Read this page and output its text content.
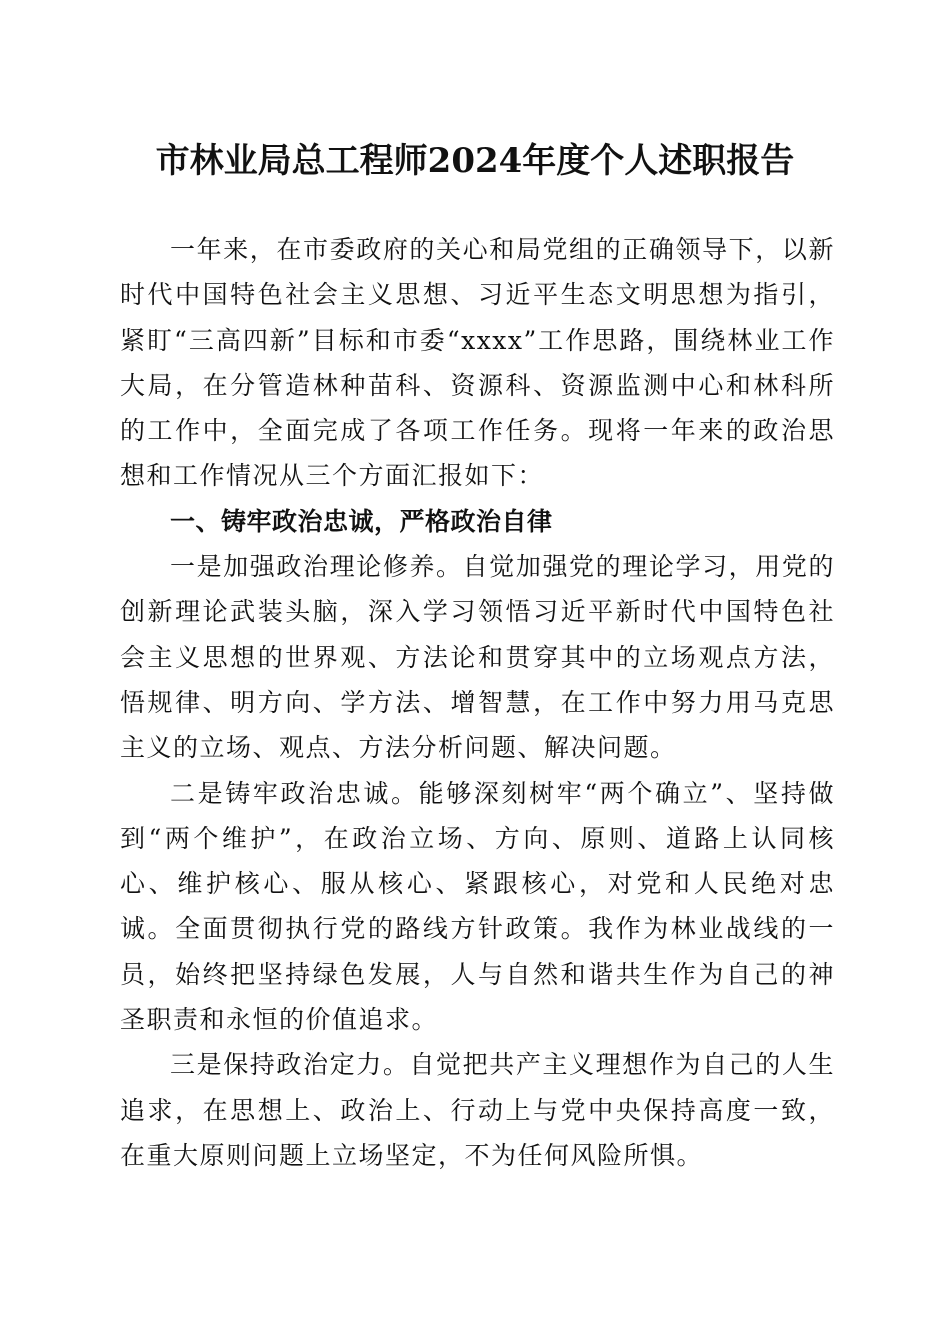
市林业局总工程师2024年度个人述职报告

一年来，在市委政府的关心和局党组的正确领导下，以新时代中国特色社会主义思想、习近平生态文明思想为指引，紧盯“三高四新”目标和市委“xxxx”工作思路，围绕林业工作大局，在分管造林种苗科、资源科、资源监测中心和林科所的工作中，全面完成了各项工作任务。现将一年来的政治思想和工作情况从三个方面汇报如下：

一、铸牢政治忠诚，严格政治自律

一是加强政治理论修养。自觉加强党的理论学习，用党的创新理论武装头脑，深入学习领悟习近平新时代中国特色社会主义思想的世界观、方法论和贯穿其中的立场观点方法，悟规律、明方向、学方法、增智慧，在工作中努力用马克思主义的立场、观点、方法分析问题、解决问题。

二是铸牢政治忠诚。能够深刻树牢“两个确立”、坚持做到“两个维护”，在政治立场、方向、原则、道路上认同核心、维护核心、服从核心、紧跟核心，对党和人民绝对忠诚。全面贯彻执行党的路线方针政策。我作为林业战线的一员，始终把坚持绿色发展，人与自然和谐共生作为自己的神圣职责和永恒的价值追求。

三是保持政治定力。自觉把共产主义理想作为自己的人生追求，在思想上、政治上、行动上与党中央保持高度一致，在重大原则问题上立场坚定，不为任何风险所惧。
